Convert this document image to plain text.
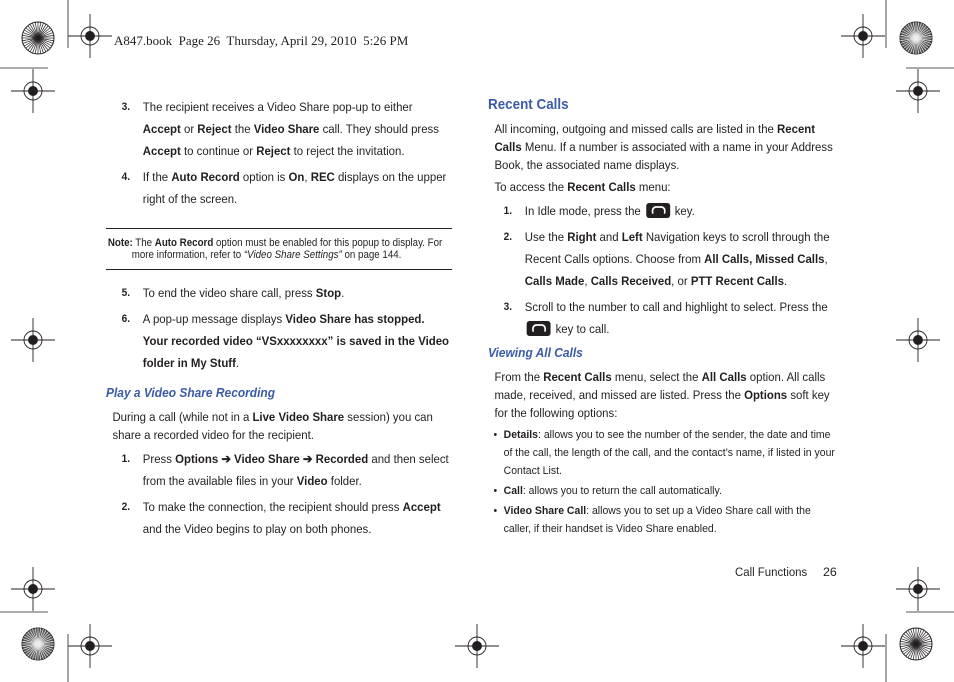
A847.book  Page 26  Thursday, April 29, 2010  5:26 PM
3. The recipient receives a Video Share pop-up to either Accept or Reject the Video Share call. They should press Accept to continue or Reject to reject the invitation.
4. If the Auto Record option is On, REC displays on the upper right of the screen.
Note: The Auto Record option must be enabled for this popup to display. For more information, refer to “Video Share Settings” on page 144.
5. To end the video share call, press Stop.
6. A pop-up message displays Video Share has stopped. Your recorded video “VSxxxxxxxx” is saved in the Video folder in My Stuff.
Play a Video Share Recording
During a call (while not in a Live Video Share session) you can share a recorded video for the recipient.
1. Press Options ➔ Video Share ➔ Recorded and then select from the available files in your Video folder.
2. To make the connection, the recipient should press Accept and the Video begins to play on both phones.
Recent Calls
All incoming, outgoing and missed calls are listed in the Recent Calls Menu. If a number is associated with a name in your Address Book, the associated name displays.
To access the Recent Calls menu:
1. In Idle mode, press the
key.
2. Use the Right and Left Navigation keys to scroll through the Recent Calls options. Choose from All Calls, Missed Calls, Calls Made, Calls Received, or PTT Recent Calls.
3. Scroll to the number to call and highlight to select. Press the
key to call.
Viewing All Calls
From the Recent Calls menu, select the All Calls option. All calls made, received, and missed are listed. Press the Options soft key for the following options:
• Details: allows you to see the number of the sender, the date and time of the call, the length of the call, and the contact’s name, if listed in your Contact List.
• Call: allows you to return the call automatically.
• Video Share Call: allows you to set up a Video Share call with the caller, if their handset is Video Share enabled.
Call Functions 26
